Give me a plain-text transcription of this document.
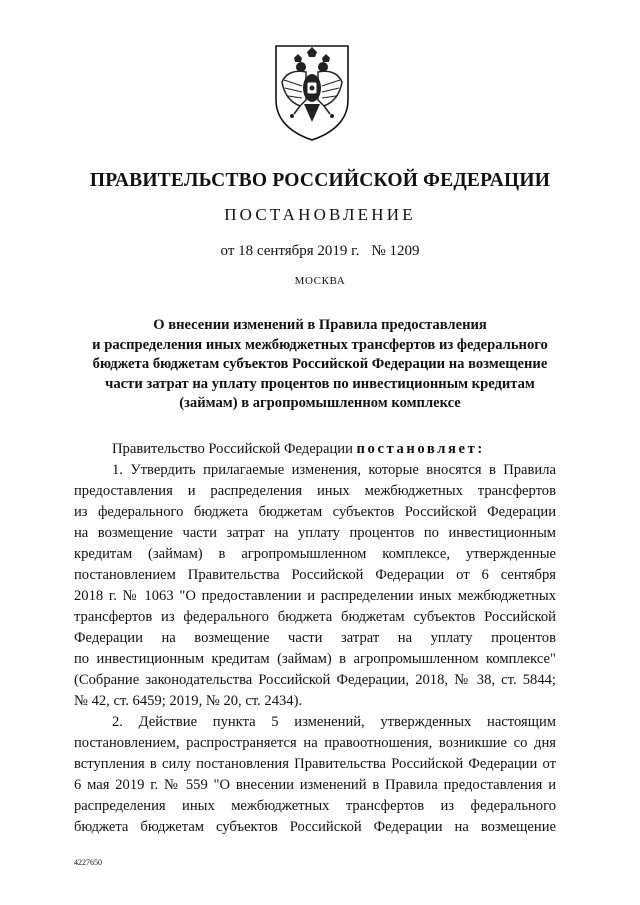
ПРАВИТЕЛЬСТВО РОССИЙСКОЙ ФЕДЕРАЦИИ
ПОСТАНОВЛЕНИЕ
от 18 сентября 2019 г. № 1209
МОСКВА
О внесении изменений в Правила предоставления
и распределения иных межбюджетных трансфертов из федерального
бюджета бюджетам субъектов Российской Федерации на возмещение
части затрат на уплату процентов по инвестиционным кредитам
(займам) в агропромышленном комплексе
Правительство Российской Федерации постановляет:
1. Утвердить прилагаемые изменения, которые вносятся в Правила
предоставления и распределения иных межбюджетных трансфертов
из федерального бюджета бюджетам субъектов Российской Федерации
на возмещение части затрат на уплату процентов по инвестиционным
кредитам (займам) в агропромышленном комплексе, утвержденные
постановлением Правительства Российской Федерации от 6 сентября
2018 г. № 1063 "О предоставлении и распределении иных межбюджетных
трансфертов из федерального бюджета бюджетам субъектов Российской
Федерации на возмещение части затрат на уплату процентов
по инвестиционным кредитам (займам) в агропромышленном комплексе"
(Собрание законодательства Российской Федерации, 2018, № 38, ст. 5844;
№ 42, ст. 6459; 2019, № 20, ст. 2434).
2. Действие пункта 5 изменений, утвержденных настоящим
постановлением, распространяется на правоотношения, возникшие со дня
вступления в силу постановления Правительства Российской Федерации от
6 мая 2019 г. № 559 "О внесении изменений в Правила предоставления и
распределения иных межбюджетных трансфертов из федерального
бюджета бюджетам субъектов Российской Федерации на возмещение
4227650
